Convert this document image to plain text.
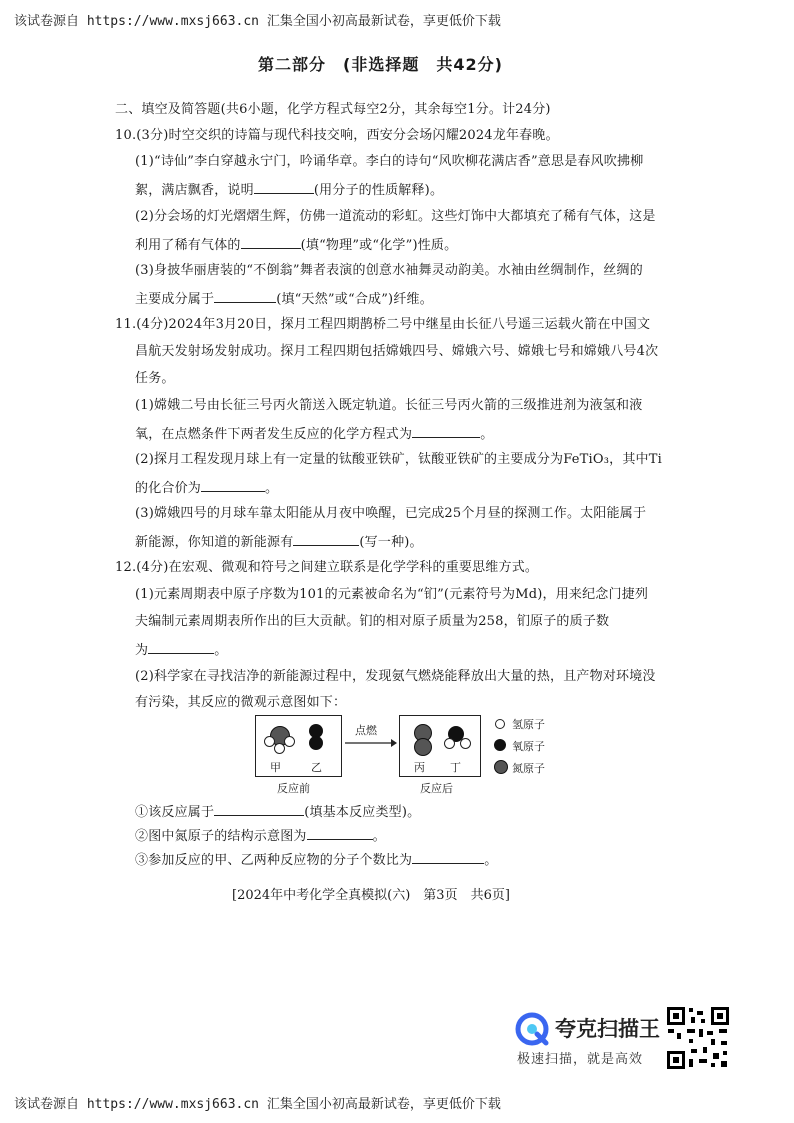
该试卷源自 https://www.mxsj663.cn 汇集全国小初高最新试卷，享更低价下载
第二部分　(非选择题　共42分)
二、填空及简答题(共6小题，化学方程式每空2分，其余每空1分。计24分)
10.(3分)时空交织的诗篇与现代科技交响，西安分会场闪耀2024龙年春晚。
(1)“诗仙”李白穿越永宁门，吟诵华章。李白的诗句“风吹柳花满店香”意思是春风吹拂柳
絮，满店飘香，说明	(用分子的性质解释)。
(2)分会场的灯光熠熠生辉，仿佛一道流动的彩虹。这些灯饰中大都填充了稀有气体，这是
利用了稀有气体的	(填“物理”或“化学”)性质。
(3)身披华丽唐装的“不倒翁”舞者表演的创意水袖舞灵动韵美。水袖由丝绸制作，丝绸的
主要成分属于	(填“天然”或“合成”)纤维。
11.(4分)2024年3月20日，探月工程四期鹊桥二号中继星由长征八号遥三运载火箭在中国文
昌航天发射场发射成功。探月工程四期包括嫦娥四号、嫦娥六号、嫦娥七号和嫦娥八号4次
任务。
(1)嫦娥二号由长征三号丙火箭送入既定轨道。长征三号丙火箭的三级推进剂为液氢和液
氧，在点燃条件下两者发生反应的化学方程式为	。
(2)探月工程发现月球上有一定量的钛酸亚铁矿，钛酸亚铁矿的主要成分为FeTiO₃，其中Ti
的化合价为	。
(3)嫦娥四号的月球车靠太阳能从月夜中唤醒，已完成25个月昼的探测工作。太阳能属于
新能源，你知道的新能源有	(写一种)。
12.(4分)在宏观、微观和符号之间建立联系是化学学科的重要思维方式。
(1)元素周期表中原子序数为101的元素被命名为“钔”(元素符号为Md)，用来纪念门捷列
夫编制元素周期表所作出的巨大贡献。钔的相对原子质量为258，钔原子的质子数
为	。
(2)科学家在寻找洁净的新能源过程中，发现氨气燃烧能释放出大量的热，且产物对环境没
有污染，其反应的微观示意图如下：
甲	乙
反应前
点燃
丙 丁
反应后
氢原子
氧原子
氮原子
①该反应属于	(填基本反应类型)。
②图中氮原子的结构示意图为	。
③参加反应的甲、乙两种反应物的分子个数比为	。
[2024年中考化学全真模拟(六)　第3页　共6页]
夸克扫描王
极速扫描，就是高效
该试卷源自 https://www.mxsj663.cn 汇集全国小初高最新试卷，享更低价下载
